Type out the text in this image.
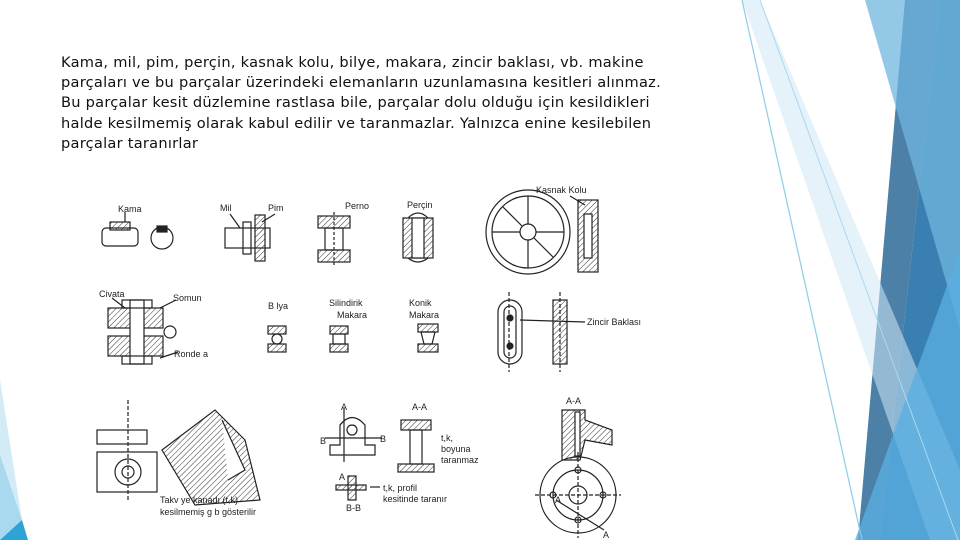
Kama, mil, pim, perçin, kasnak kolu, bilye, makara, zincir baklası, vb. makine
parçaları ve bu parçalar üzerindeki elemanların uzunlamasına kesitleri alınmaz.
Bu parçalar kesit düzlemine rastlasa bile, parçalar dolu olduğu için kesildikleri
halde kesilmemiş olarak kabul edilir ve taranmazlar. Yalnızca enine kesilebilen
parçalar taranırlar
Kama	Mil	Pim	Perno	Perçin
Kasnak Kolu
Civata	Somun
Ronde a
B lya	Silindirik
Makara
Konik
Makara
Zincir Baklası
Takv ye kanadı (t,k)
kesilmemiş g b gösterilir
A	A-A
B	B
A
t,k,
boyuna
taranmaz
t,k, profil
kesitinde taranır
B-B
A-A
A
A
